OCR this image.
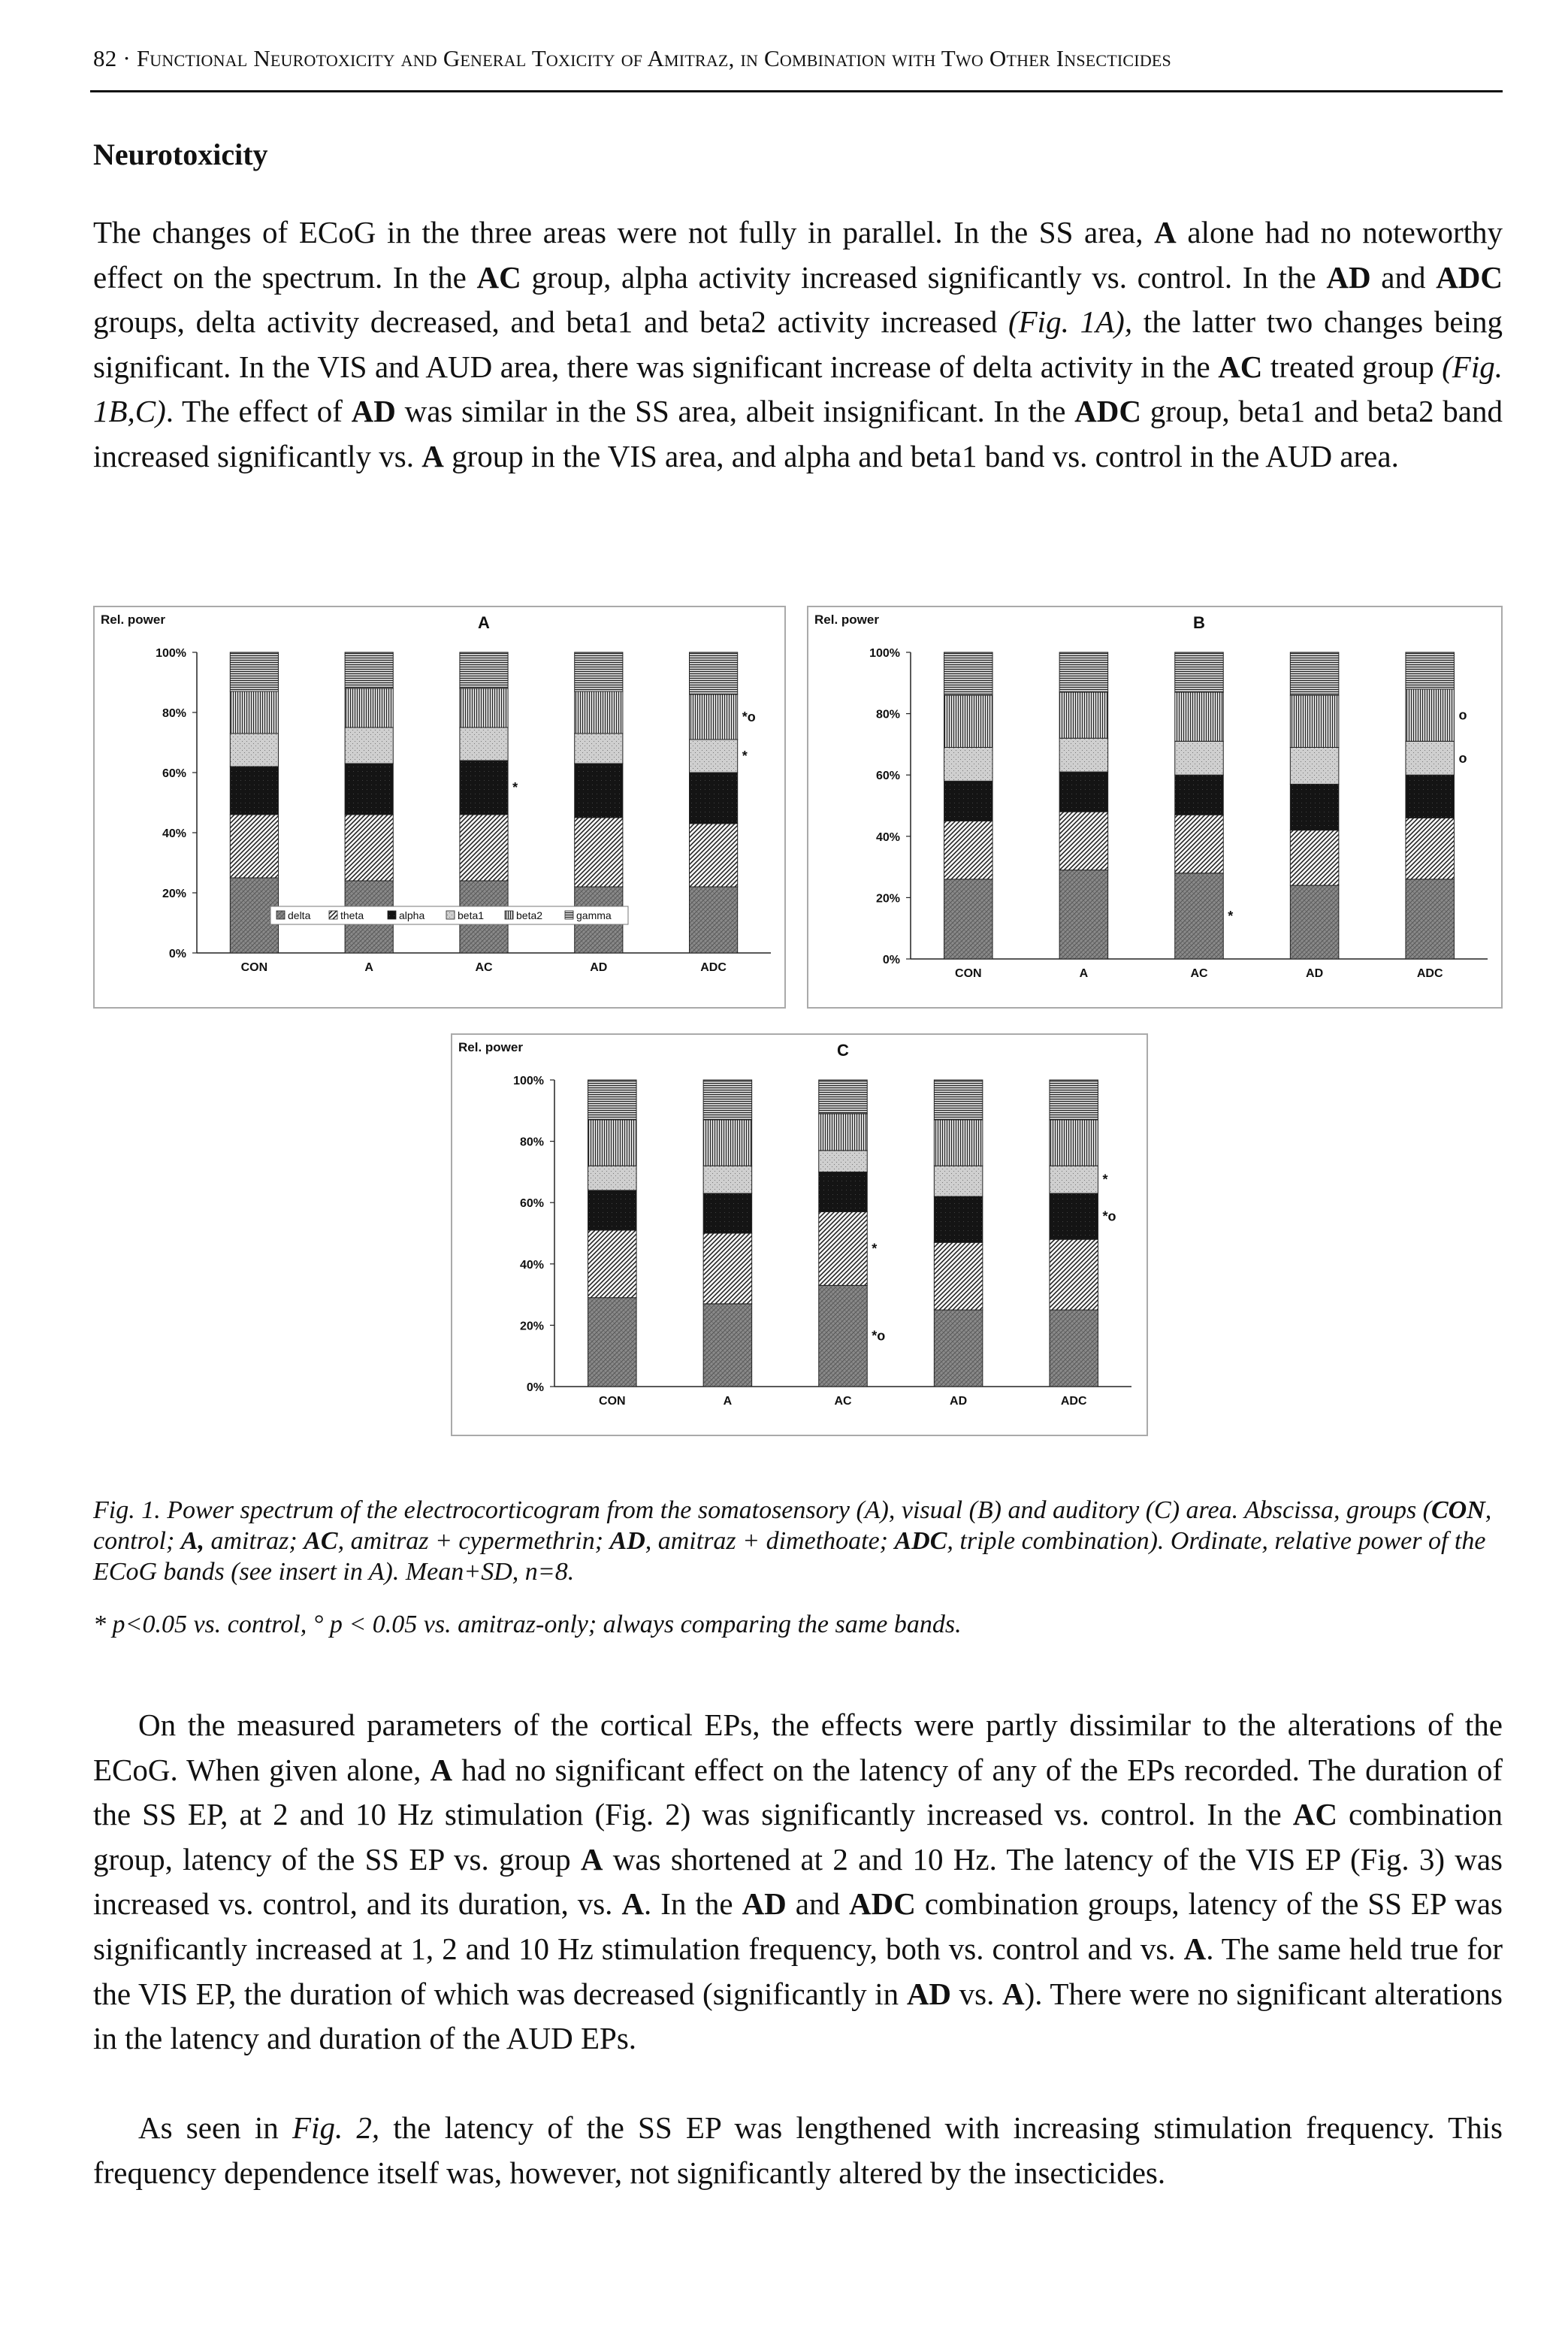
82 · Functional Neurotoxicity and General Toxicity of Amitraz, in Combination with Two Other Insecticides
Neurotoxicity

The changes of ECoG in the three areas were not fully in parallel. In the SS area, A alone had no noteworthy effect on the spectrum. In the AC group, alpha activity increased significantly vs. control. In the AD and ADC groups, delta activity decreased, and beta1 and beta2 activity increased (Fig. 1A), the latter two changes being significant. In the VIS and AUD area, there was significant increase of delta activity in the AC treated group (Fig. 1B,C). The effect of AD was similar in the SS area, albeit insignificant. In the ADC group, beta1 and beta2 band increased significantly vs. A group in the VIS area, and alpha and beta1 band vs. control in the AUD area.

Rel. power	A
0%
20%
40%
60%
80%
100%
CON	A	AC
*
AD	ADC
*o
*
delta	theta	alpha	beta1	beta2	gamma
Rel. power	B
0%
20%
40%
60%
80%
100%
CON	A	AC
*
AD	ADC
o
o
Rel. power	C
0%
20%
40%
60%
80%
100%
CON	A	AC
*o
*
AD	ADC
*o
*

Fig. 1. Power spectrum of the electrocorticogram from the somatosensory (A), visual (B) and auditory (C) area. Abscissa, groups (CON, control; A, amitraz; AC, amitraz + cypermethrin; AD, amitraz + dimethoate; ADC, triple combination). Ordinate, relative power of the ECoG bands (see insert in A). Mean+SD, n=8.

* p<0.05 vs. control, ° p < 0.05 vs. amitraz-only; always comparing the same bands.

On the measured parameters of the cortical EPs, the effects were partly dissimilar to the alterations of the ECoG. When given alone, A had no significant effect on the latency of any of the EPs recorded. The duration of the SS EP, at 2 and 10 Hz stimulation (Fig. 2) was significantly increased vs. control. In the AC combination group, latency of the SS EP vs. group A was shortened at 2 and 10 Hz. The latency of the VIS EP (Fig. 3) was increased vs. control, and its duration, vs. A. In the AD and ADC combination groups, latency of the SS EP was significantly increased at 1, 2 and 10 Hz stimulation frequency, both vs. control and vs. A. The same held true for the VIS EP, the duration of which was decreased (significantly in AD vs. A). There were no significant alterations in the latency and duration of the AUD EPs.

As seen in Fig. 2, the latency of the SS EP was lengthened with increasing stimulation frequency. This frequency dependence itself was, however, not significantly altered by the insecticides.
